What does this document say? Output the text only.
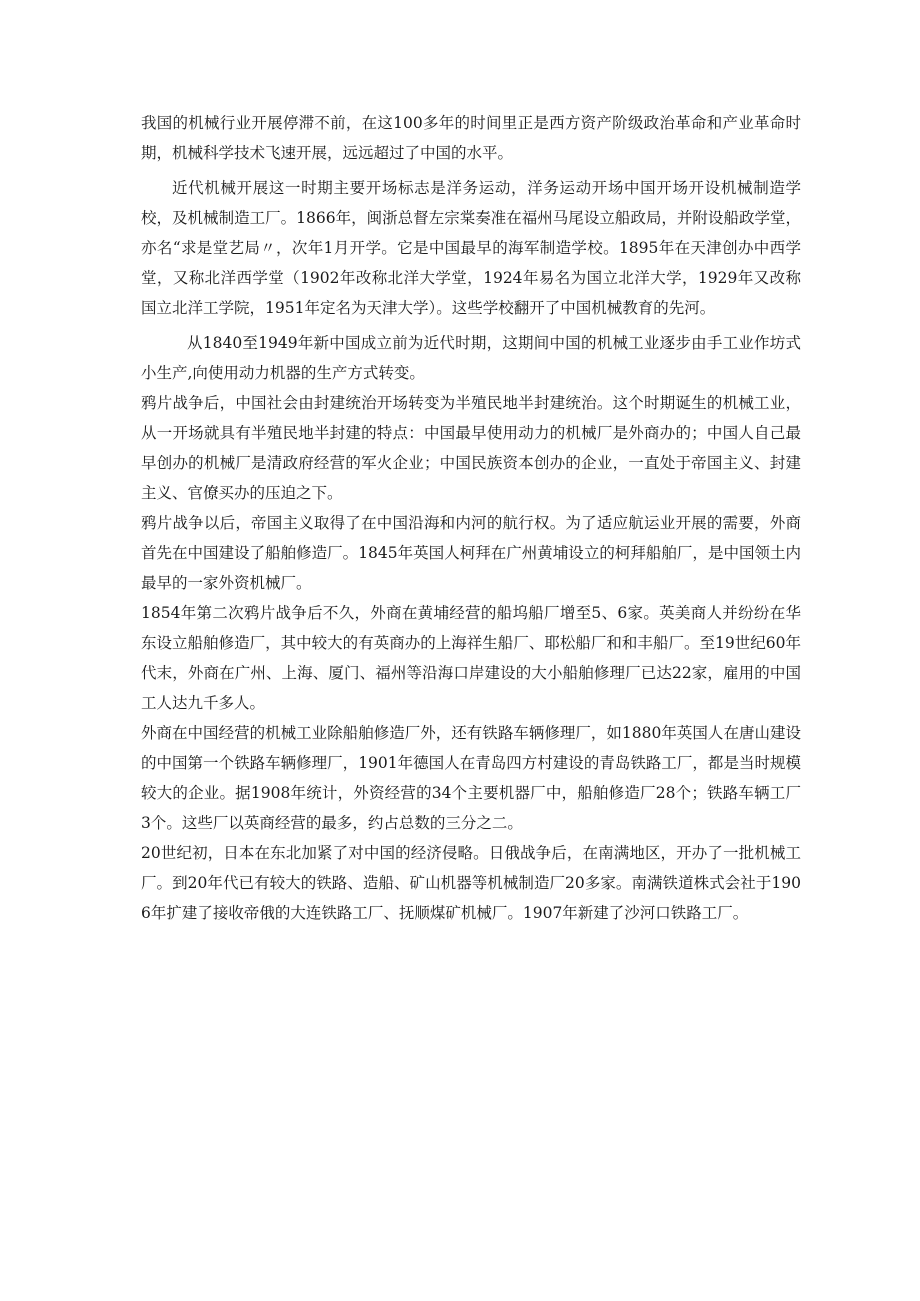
我国的机械行业开展停滞不前，在这100多年的时间里正是西方资产阶级政治革命和产业革命时期，机械科学技术飞速开展，远远超过了中国的水平。

近代机械开展这一时期主要开场标志是洋务运动，洋务运动开场中国开场开设机械制造学校，及机械制造工厂。1866年，闽浙总督左宗棠奏准在福州马尾设立船政局，并附设船政学堂，亦名“求是堂艺局〃，次年1月开学。它是中国最早的海军制造学校。1895年在天津创办中西学堂，又称北洋西学堂（1902年改称北洋大学堂，1924年易名为国立北洋大学，1929年又改称国立北洋工学院，1951年定名为天津大学）。这些学校翻开了中国机械教育的先河。

从1840至1949年新中国成立前为近代时期，这期间中国的机械工业逐步由手工业作坊式小生产,向使用动力机器的生产方式转变。

鸦片战争后，中国社会由封建统治开场转变为半殖民地半封建统治。这个时期诞生的机械工业，从一开场就具有半殖民地半封建的特点：中国最早使用动力的机械厂是外商办的；中国人自己最早创办的机械厂是清政府经营的军火企业；中国民族资本创办的企业，一直处于帝国主义、封建主义、官僚买办的压迫之下。

鸦片战争以后，帝国主义取得了在中国沿海和内河的航行权。为了适应航运业开展的需要，外商首先在中国建设了船舶修造厂。1845年英国人柯拜在广州黄埔设立的柯拜船舶厂，是中国领土内最早的一家外资机械厂。

1854年第二次鸦片战争后不久，外商在黄埔经营的船坞船厂增至5、6家。英美商人并纷纷在华东设立船舶修造厂，其中较大的有英商办的上海祥生船厂、耶松船厂和和丰船厂。至19世纪60年代末，外商在广州、上海、厦门、福州等沿海口岸建设的大小船舶修理厂已达22家，雇用的中国工人达九千多人。

外商在中国经营的机械工业除船舶修造厂外，还有铁路车辆修理厂，如1880年英国人在唐山建设的中国第一个铁路车辆修理厂，1901年德国人在青岛四方村建设的青岛铁路工厂，都是当时规模较大的企业。据1908年统计，外资经营的34个主要机器厂中，船舶修造厂28个；铁路车辆工厂3个。这些厂以英商经营的最多，约占总数的三分之二。

20世纪初，日本在东北加紧了对中国的经济侵略。日俄战争后，在南满地区，开办了一批机械工厂。到20年代已有较大的铁路、造船、矿山机器等机械制造厂20多家。南满铁道株式会社于1906年扩建了接收帝俄的大连铁路工厂、抚顺煤矿机械厂。1907年新建了沙河口铁路工厂。
